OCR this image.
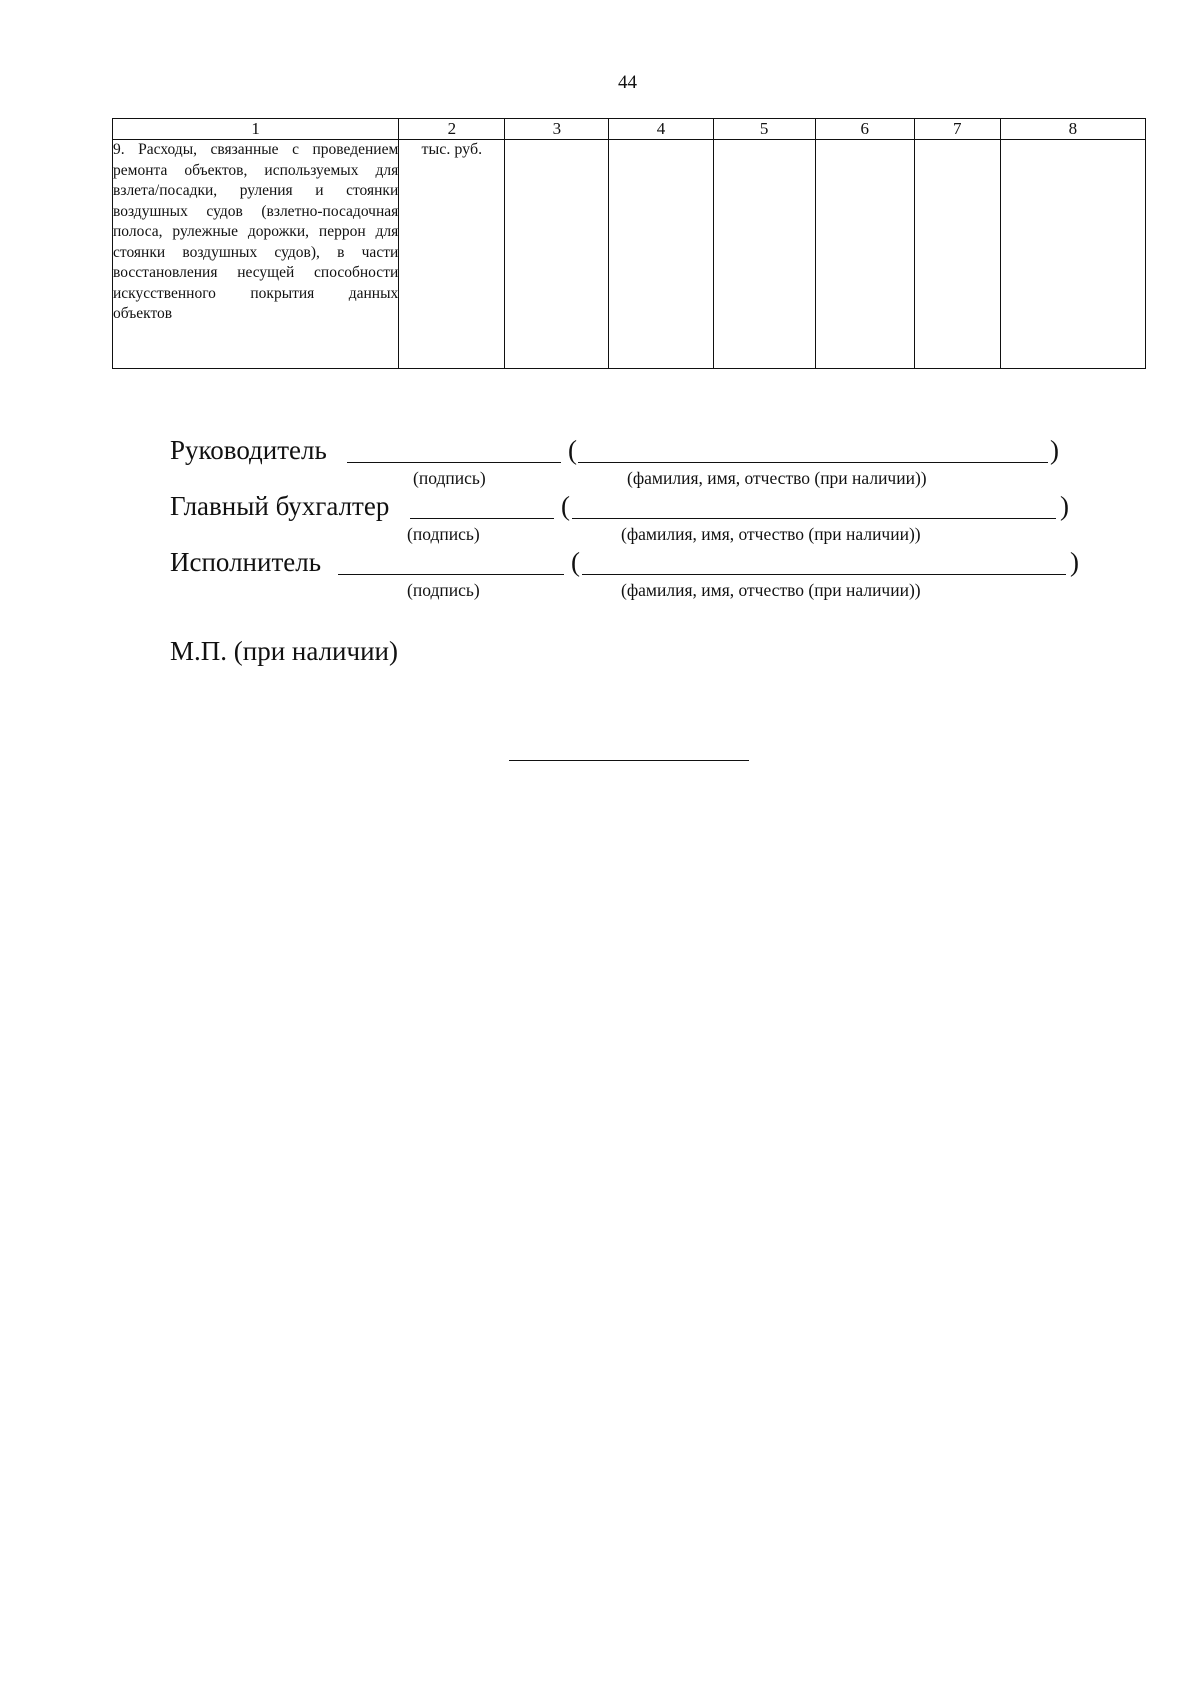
44
1	2	3	4	5	6	7	8
9. Расходы, связанные с проведением ремонта объектов, используемых для взлета/посадки, руления и стоянки воздушных судов (взлетно-посадочная полоса, рулежные дорожки, перрон для стоянки воздушных судов), в части восстановления несущей способности искусственного покрытия данных объектов	тыс. руб.						
Руководитель	(	)
(подпись)	(фамилия, имя, отчество (при наличии))
Главный бухгалтер	(	)
(подпись)	(фамилия, имя, отчество (при наличии))
Исполнитель	(	)
(подпись)	(фамилия, имя, отчество (при наличии))
М.П. (при наличии)
